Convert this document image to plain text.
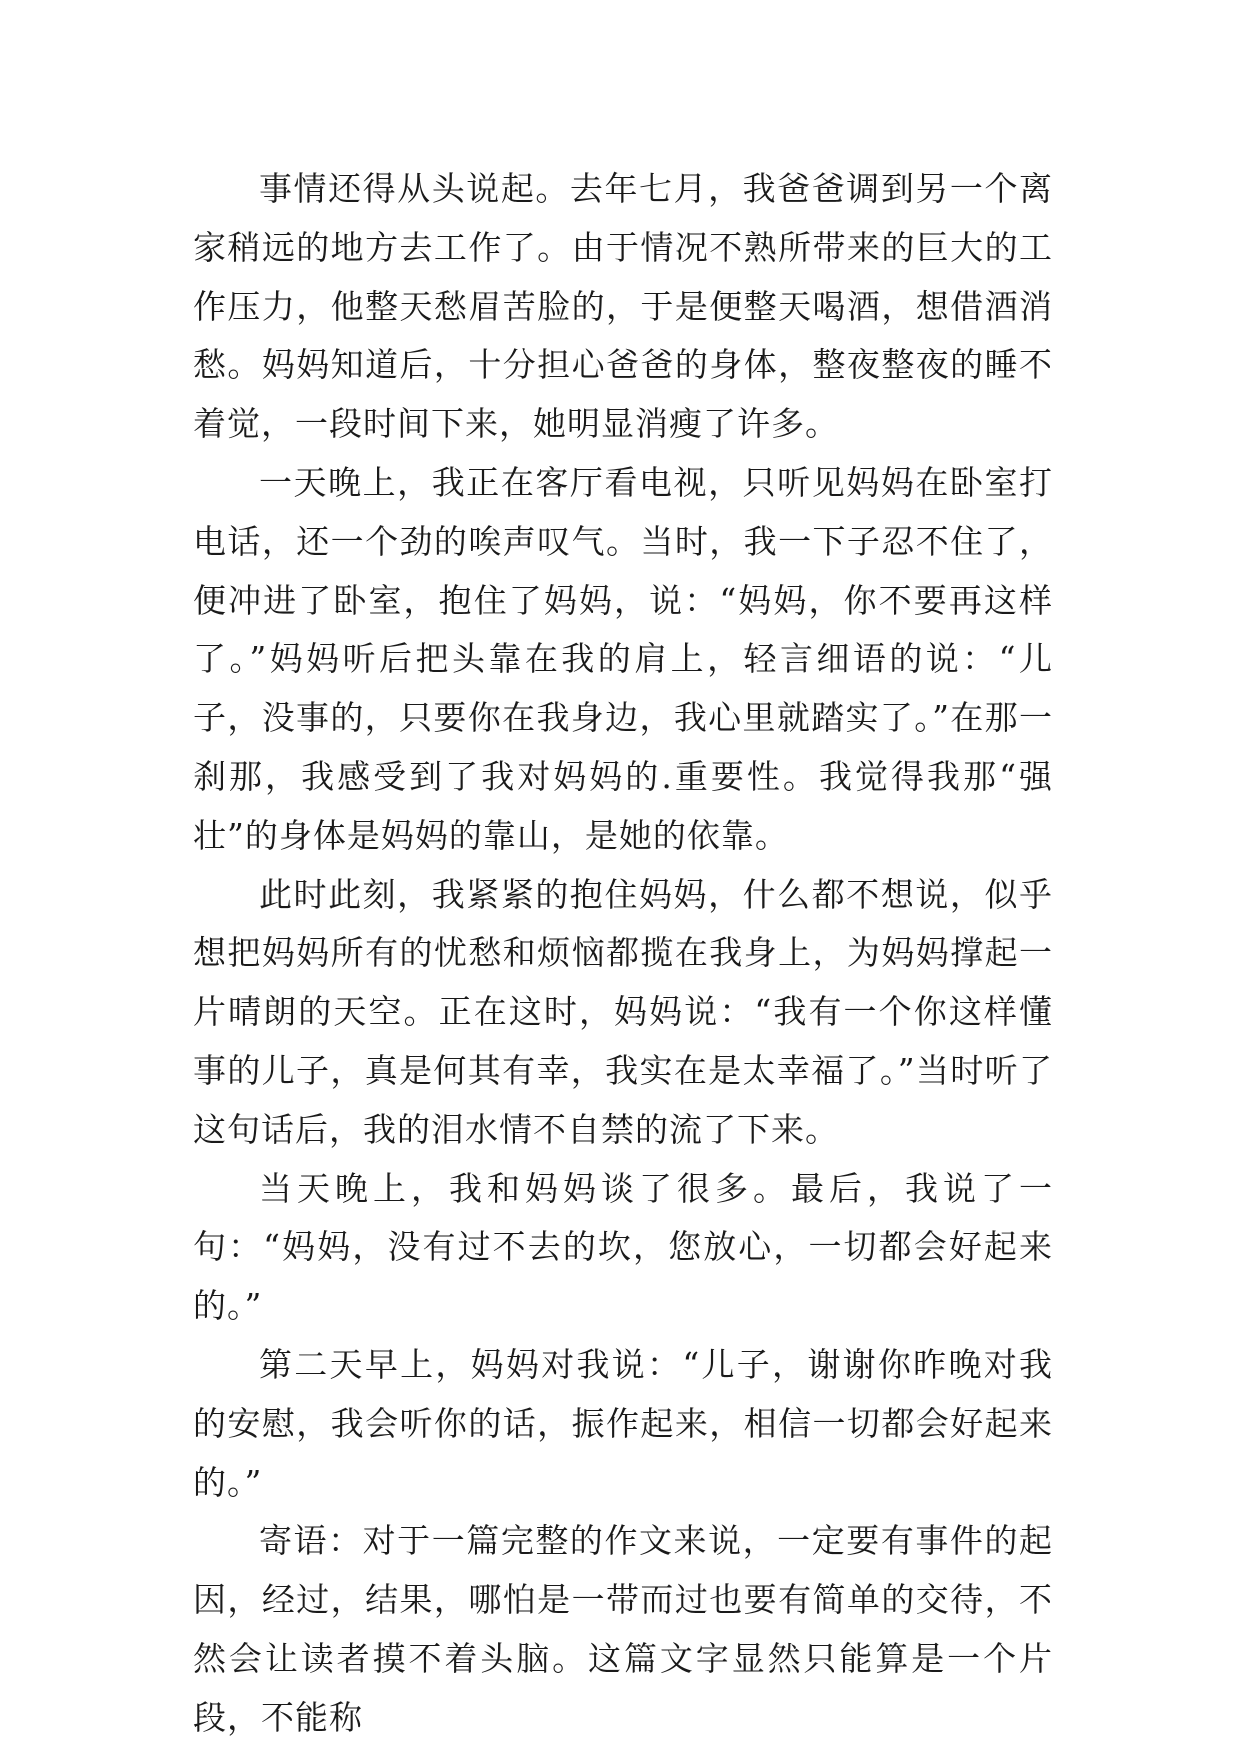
事情还得从头说起。去年七月，我爸爸调到另一个离家稍远的地方去工作了。由于情况不熟所带来的巨大的工作压力，他整天愁眉苦脸的，于是便整天喝酒，想借酒消愁。妈妈知道后，十分担心爸爸的身体，整夜整夜的睡不着觉，一段时间下来，她明显消瘦了许多。

一天晚上，我正在客厅看电视，只听见妈妈在卧室打电话，还一个劲的唉声叹气。当时，我一下子忍不住了，便冲进了卧室，抱住了妈妈，说：“妈妈，你不要再这样了。”妈妈听后把头靠在我的肩上，轻言细语的说：“儿子，没事的，只要你在我身边，我心里就踏实了。”在那一刹那，我感受到了我对妈妈的.重要性。我觉得我那“强壮”的身体是妈妈的靠山，是她的依靠。

此时此刻，我紧紧的抱住妈妈，什么都不想说，似乎想把妈妈所有的忧愁和烦恼都揽在我身上，为妈妈撑起一片晴朗的天空。正在这时，妈妈说：“我有一个你这样懂事的儿子，真是何其有幸，我实在是太幸福了。”当时听了这句话后，我的泪水情不自禁的流了下来。

当天晚上，我和妈妈谈了很多。最后，我说了一句：“妈妈，没有过不去的坎，您放心，一切都会好起来的。”

第二天早上，妈妈对我说：“儿子，谢谢你昨晚对我的安慰，我会听你的话，振作起来，相信一切都会好起来的。”

寄语：对于一篇完整的作文来说，一定要有事件的起因，经过，结果，哪怕是一带而过也要有简单的交待，不然会让读者摸不着头脑。这篇文字显然只能算是一个片段，不能称
